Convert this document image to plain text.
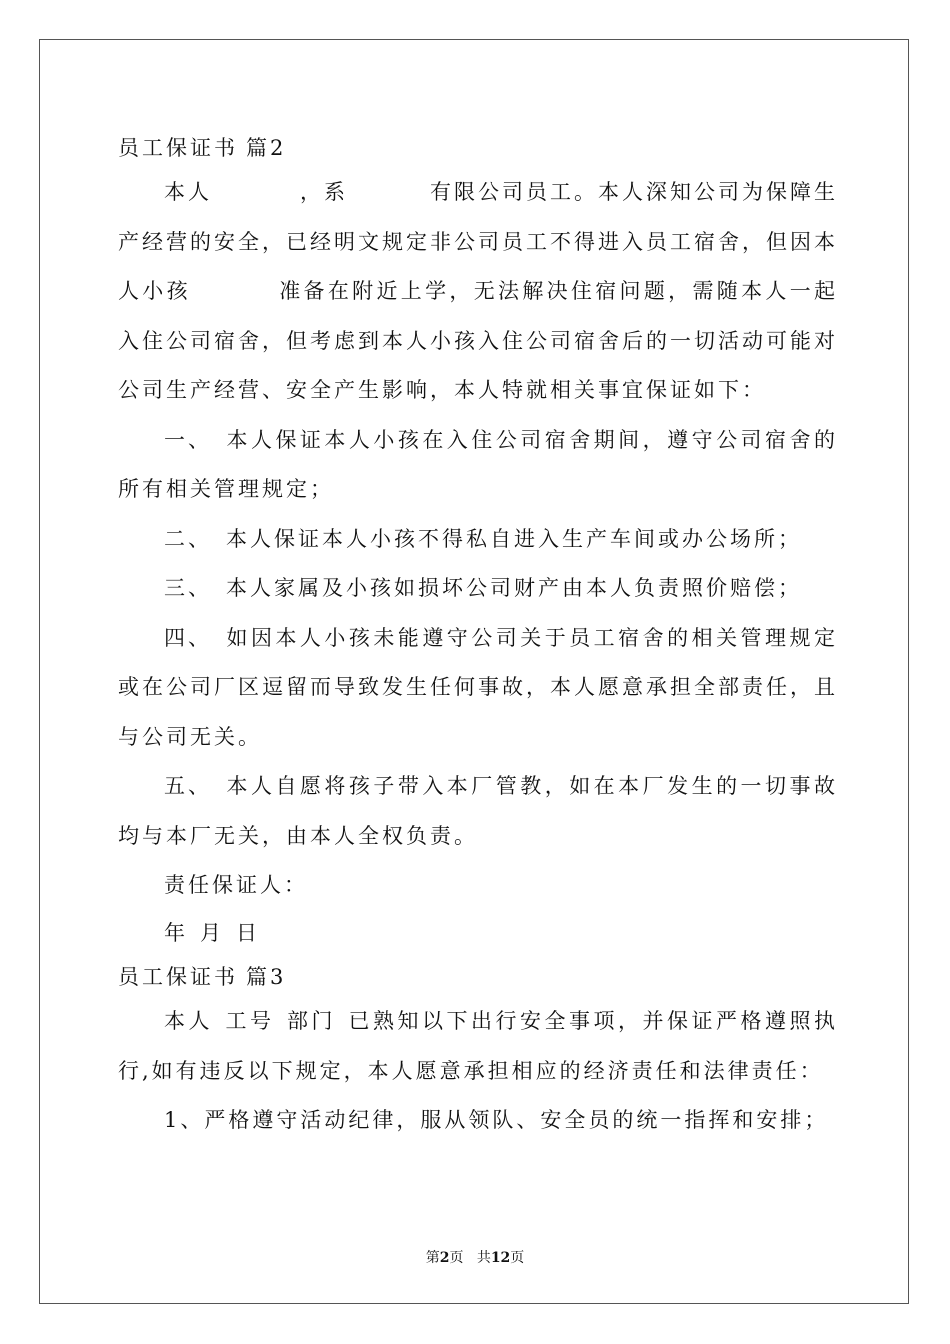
员工保证书 篇2

本人	，系	有限公司员工。本人深知公司为保障生产经营的安全，已经明文规定非公司员工不得进入员工宿舍，但因本人小孩	准备在附近上学，无法解决住宿问题，需随本人一起入住公司宿舍，但考虑到本人小孩入住公司宿舍后的一切活动可能对公司生产经营、安全产生影响，本人特就相关事宜保证如下：

一、 本人保证本人小孩在入住公司宿舍期间，遵守公司宿舍的所有相关管理规定；

二、 本人保证本人小孩不得私自进入生产车间或办公场所；

三、 本人家属及小孩如损坏公司财产由本人负责照价赔偿；

四、 如因本人小孩未能遵守公司关于员工宿舍的相关管理规定或在公司厂区逗留而导致发生任何事故，本人愿意承担全部责任，且与公司无关。

五、 本人自愿将孩子带入本厂管教，如在本厂发生的一切事故均与本厂无关，由本人全权负责。

责任保证人：

年 月 日

员工保证书 篇3

本人 工号 部门 已熟知以下出行安全事项，并保证严格遵照执行,如有违反以下规定，本人愿意承担相应的经济责任和法律责任：

1、严格遵守活动纪律，服从领队、安全员的统一指挥和安排；

第2页 共12页
